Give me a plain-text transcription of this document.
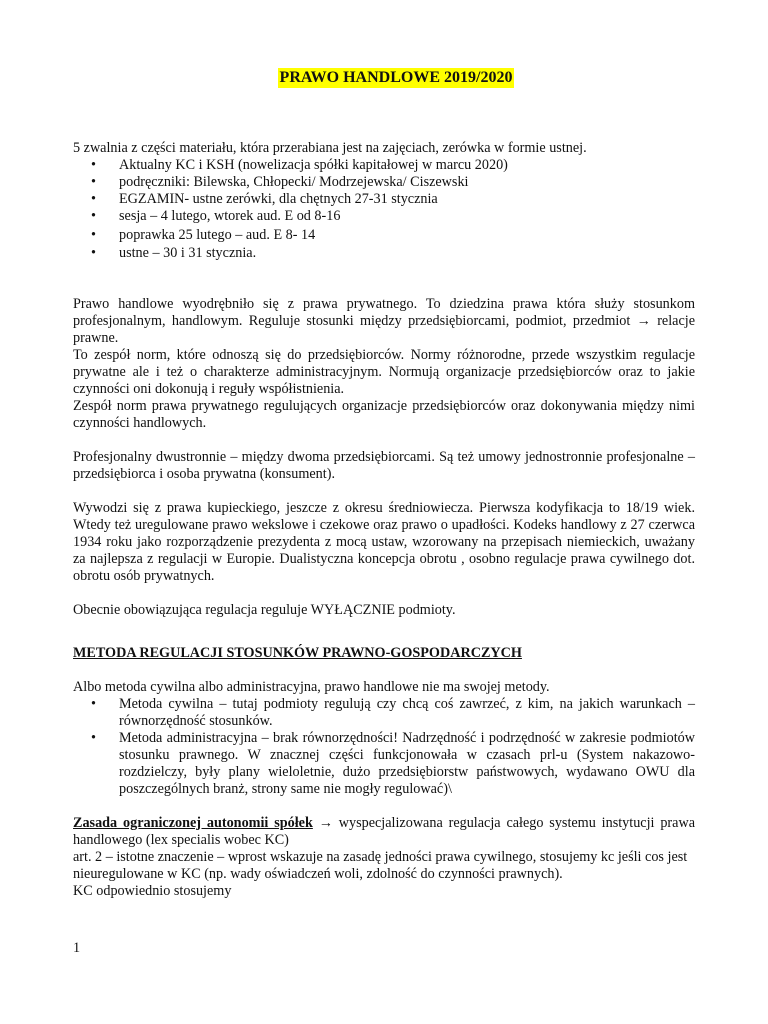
PRAWO HANDLOWE 2019/2020

5 zwalnia z części materiału, która przerabiana jest na zajęciach, zerówka w formie ustnej.

• Aktualny KC i KSH (nowelizacja spółki kapitałowej w marcu 2020)
• podręczniki: Bilewska, Chłopecki/ Modrzejewska/ Ciszewski
• EGZAMIN- ustne zerówki, dla chętnych 27-31 stycznia
• sesja – 4 lutego, wtorek aud. E od 8-16
• poprawka 25 lutego – aud. E 8- 14
• ustne – 30 i 31 stycznia.

Prawo handlowe wyodrębniło się z prawa prywatnego. To dziedzina prawa która służy stosunkom profesjonalnym, handlowym. Reguluje stosunki między przedsiębiorcami, podmiot, przedmiot → relacje prawne.

To zespół norm, które odnoszą się do przedsiębiorców. Normy różnorodne, przede wszystkim regulacje prywatne ale i też o charakterze administracyjnym. Normują organizacje przedsiębiorców oraz to jakie czynności oni dokonują i reguły współistnienia.

Zespół norm prawa prywatnego regulujących organizacje przedsiębiorców oraz dokonywania między nimi czynności handlowych.

Profesjonalny dwustronnie – między dwoma przedsiębiorcami. Są też umowy jednostronnie profesjonalne – przedsiębiorca i osoba prywatna (konsument).

Wywodzi się z prawa kupieckiego, jeszcze z okresu średniowiecza. Pierwsza kodyfikacja to 18/19 wiek. Wtedy też uregulowane prawo wekslowe i czekowe oraz prawo o upadłości. Kodeks handlowy z 27 czerwca 1934 roku jako rozporządzenie prezydenta z mocą ustaw, wzorowany na przepisach niemieckich, uważany za najlepsza z regulacji w Europie. Dualistyczna koncepcja obrotu , osobno regulacje prawa cywilnego dot. obrotu osób prywatnych.

Obecnie obowiązująca regulacja reguluje WYŁĄCZNIE podmioty.

METODA REGULACJI STOSUNKÓW PRAWNO-GOSPODARCZYCH

Albo metoda cywilna albo administracyjna, prawo handlowe nie ma swojej metody.

• Metoda cywilna – tutaj podmioty regulują czy chcą coś zawrzeć, z kim, na jakich warunkach – równorzędność stosunków.
• Metoda administracyjna – brak równorzędności! Nadrzędność i podrzędność w zakresie podmiotów stosunku prawnego. W znacznej części funkcjonowała w czasach prl-u (System nakazowo-rozdzielczy, były plany wieloletnie, dużo przedsiębiorstw państwowych, wydawano OWU dla poszczególnych branż, strony same nie mogły regulować)\

Zasada ograniczonej autonomii spółek → wyspecjalizowana regulacja całego systemu instytucji prawa handlowego (lex specialis wobec KC)

art. 2 – istotne znaczenie – wprost wskazuje na zasadę jedności prawa cywilnego, stosujemy kc jeśli cos jest nieuregulowane w KC (np. wady oświadczeń woli, zdolność do czynności prawnych).

KC odpowiednio stosujemy

1
